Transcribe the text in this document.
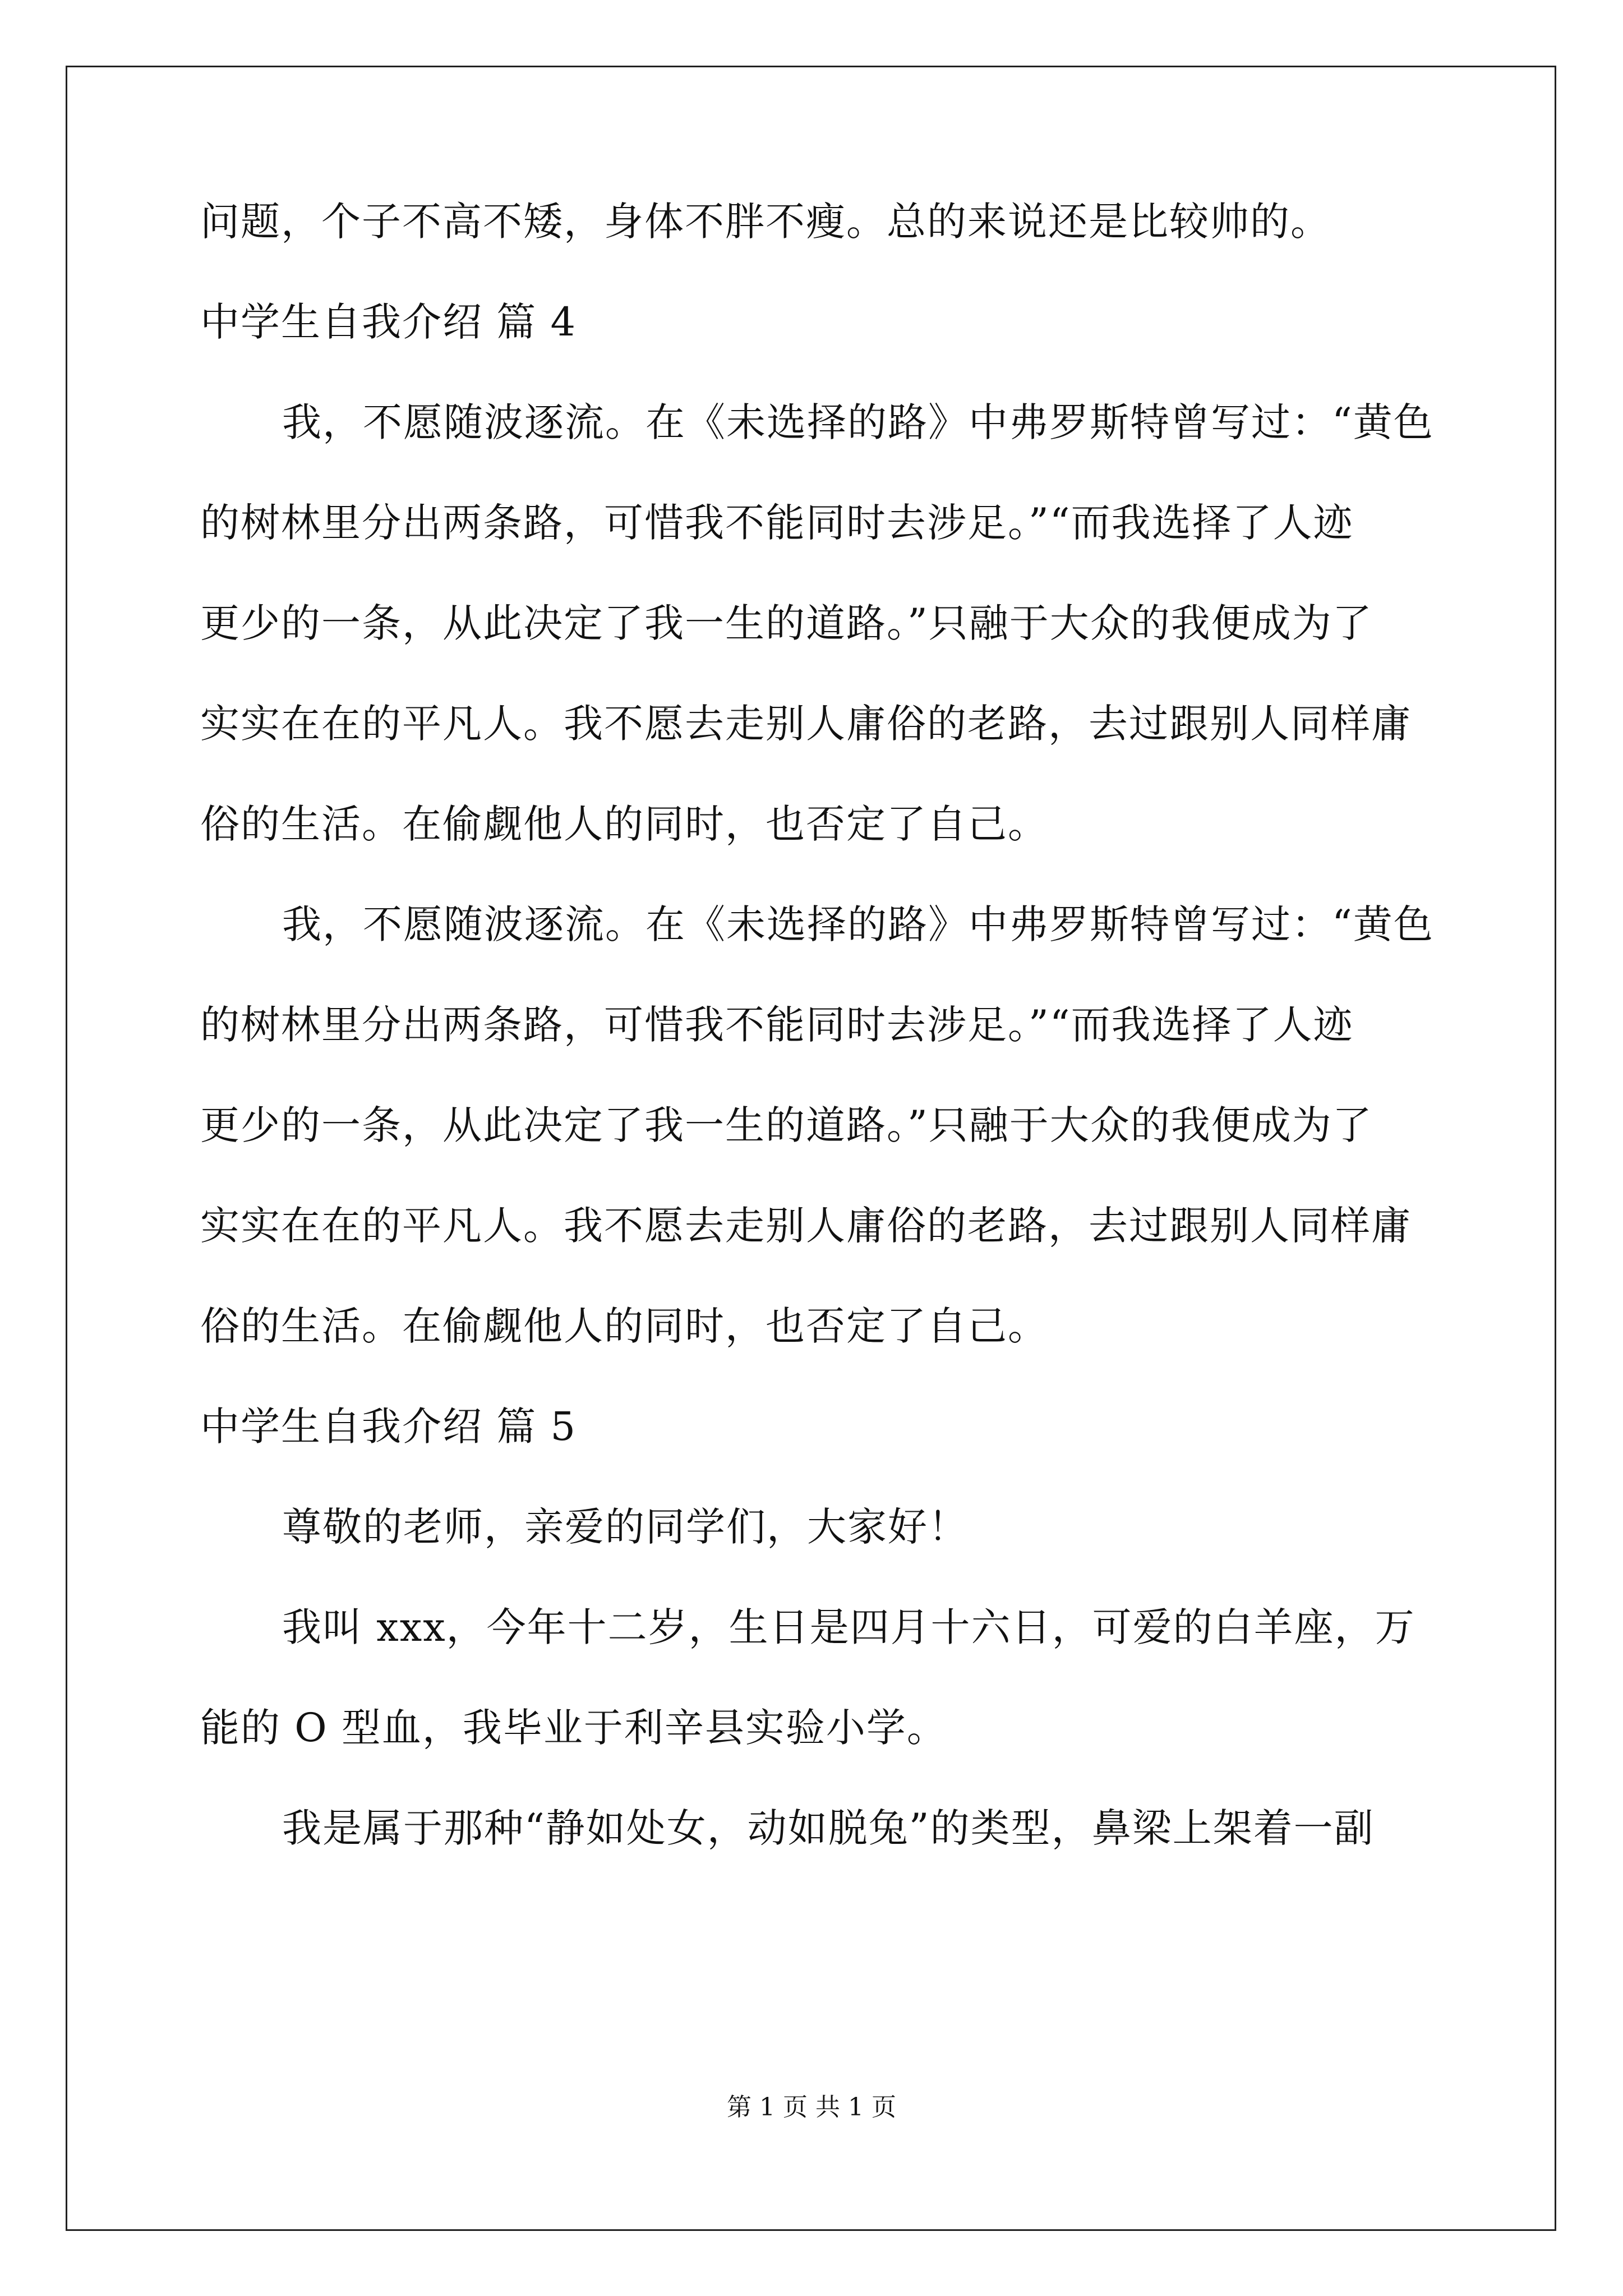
问题，个子不高不矮，身体不胖不瘦。总的来说还是比较帅的。
中学生自我介绍 篇 4
我，不愿随波逐流。在《未选择的路》中弗罗斯特曾写过：“黄色
的树林里分出两条路，可惜我不能同时去涉足。”“而我选择了人迹
更少的一条，从此决定了我一生的道路。”只融于大众的我便成为了
实实在在的平凡人。我不愿去走别人庸俗的老路，去过跟别人同样庸
俗的生活。在偷觑他人的同时，也否定了自己。
我，不愿随波逐流。在《未选择的路》中弗罗斯特曾写过：“黄色
的树林里分出两条路，可惜我不能同时去涉足。”“而我选择了人迹
更少的一条，从此决定了我一生的道路。”只融于大众的我便成为了
实实在在的平凡人。我不愿去走别人庸俗的老路，去过跟别人同样庸
俗的生活。在偷觑他人的同时，也否定了自己。
中学生自我介绍 篇 5
尊敬的老师，亲爱的同学们，大家好！
我叫 xxx，今年十二岁，生日是四月十六日，可爱的白羊座，万
能的 O 型血，我毕业于利辛县实验小学。
我是属于那种“静如处女，动如脱兔”的类型，鼻梁上架着一副
第 1 页 共 1 页
